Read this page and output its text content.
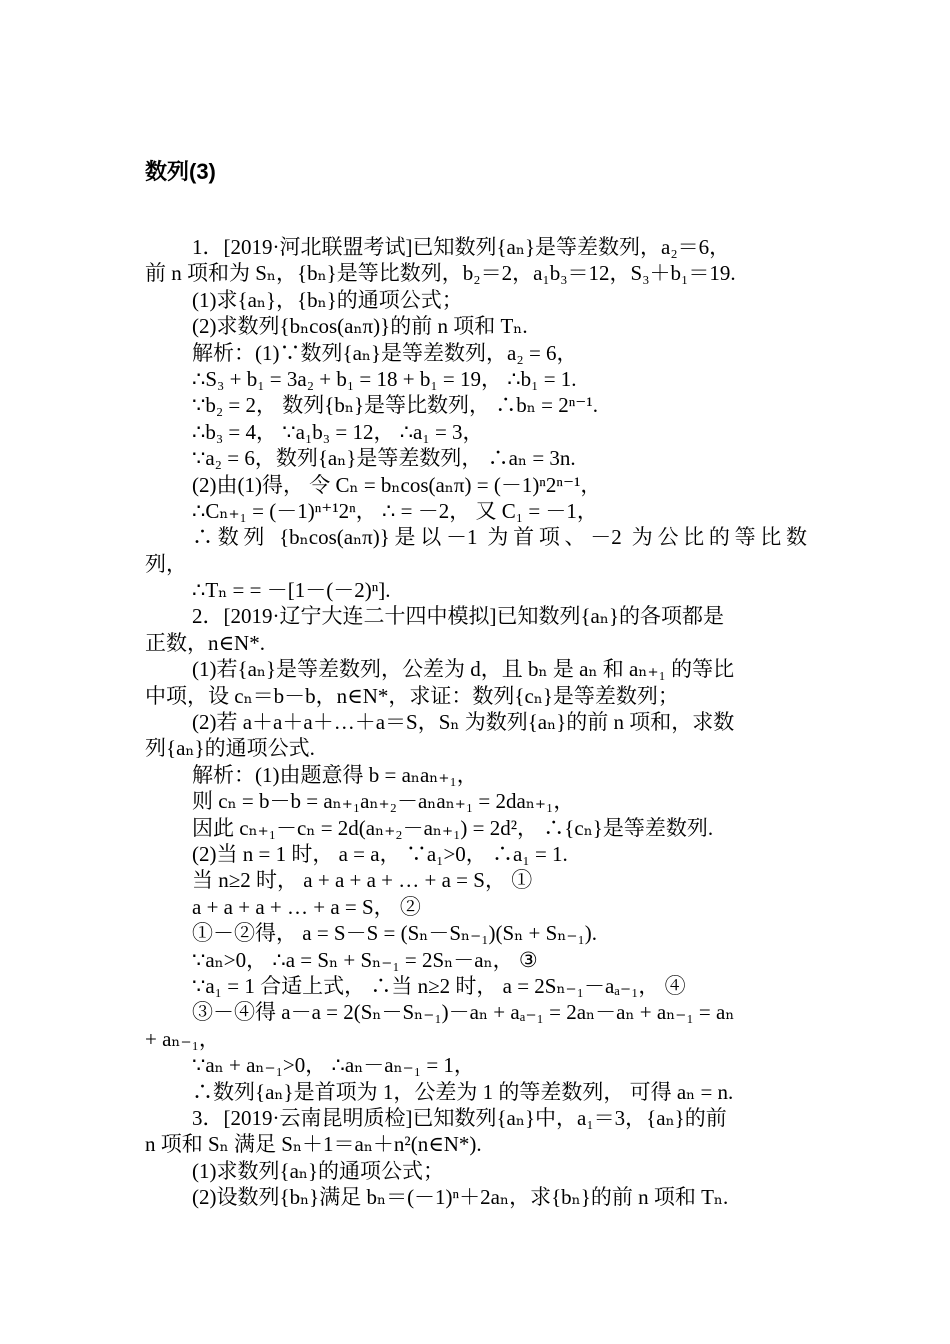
数列(3)
1．[2019·河北联盟考试]已知数列{aₙ}是等差数列，a₂＝6，
前 n 项和为 Sₙ，{bₙ}是等比数列，b₂＝2，a₁b₃＝12，S₃＋b₁＝19.
(1)求{aₙ}，{bₙ}的通项公式；
(2)求数列{bₙcos(aₙπ)}的前 n 项和 Tₙ.
解析：(1)∵数列{aₙ}是等差数列，a₂ = 6，
∴S₃ + b₁ = 3a₂ + b₁ = 18 + b₁ = 19， ∴b₁ = 1.
∵b₂ = 2， 数列{bₙ}是等比数列， ∴bₙ = 2ⁿ⁻¹.
∴b₃ = 4， ∵a₁b₃ = 12， ∴a₁ = 3，
∵a₂ = 6，数列{aₙ}是等差数列， ∴aₙ = 3n.
(2)由(1)得， 令 Cₙ = bₙcos(aₙπ) = (－1)ⁿ2ⁿ⁻¹，
∴Cₙ₊₁ = (－1)ⁿ⁺¹2ⁿ， ∴ = －2， 又 C₁ = －1，
∴数列 {bₙcos(aₙπ)}是以－1 为首项、－2 为公比的等比数
列，
∴Tₙ = = －[1－(－2)ⁿ].
2．[2019·辽宁大连二十四中模拟]已知数列{aₙ}的各项都是
正数，n∈N*.
(1)若{aₙ}是等差数列，公差为 d，且 bₙ 是 aₙ 和 aₙ₊₁ 的等比
中项，设 cₙ＝b－b，n∈N*，求证：数列{cₙ}是等差数列；
(2)若 a＋a＋a＋…＋a＝S，Sₙ 为数列{aₙ}的前 n 项和，求数
列{aₙ}的通项公式.
解析：(1)由题意得 b = aₙaₙ₊₁，
则 cₙ = b－b = aₙ₊₁aₙ₊₂－aₙaₙ₊₁ = 2daₙ₊₁，
因此 cₙ₊₁－cₙ = 2d(aₙ₊₂－aₙ₊₁) = 2d²， ∴{cₙ}是等差数列.
(2)当 n = 1 时， a = a， ∵a₁>0， ∴a₁ = 1.
当 n≥2 时， a + a + a + … + a = S， ①
a + a + a + … + a = S， ②
①－②得， a = S－S = (Sₙ－Sₙ₋₁)(Sₙ + Sₙ₋₁).
∵aₙ>0， ∴a = Sₙ + Sₙ₋₁ = 2Sₙ－aₙ， ③
∵a₁ = 1 合适上式， ∴当 n≥2 时， a = 2Sₙ₋₁－aₐ₋₁， ④
③－④得 a－a = 2(Sₙ－Sₙ₋₁)－aₙ + aₐ₋₁ = 2aₙ－aₙ + aₙ₋₁ = aₙ
+ aₙ₋₁，
∵aₙ + aₙ₋₁>0， ∴aₙ－aₙ₋₁ = 1，
∴数列{aₙ}是首项为 1，公差为 1 的等差数列， 可得 aₙ = n.
3．[2019·云南昆明质检]已知数列{aₙ}中，a₁＝3，{aₙ}的前
n 项和 Sₙ 满足 Sₙ＋1＝aₙ＋n²(n∈N*).
(1)求数列{aₙ}的通项公式；
(2)设数列{bₙ}满足 bₙ＝(－1)ⁿ＋2aₙ，求{bₙ}的前 n 项和 Tₙ.
